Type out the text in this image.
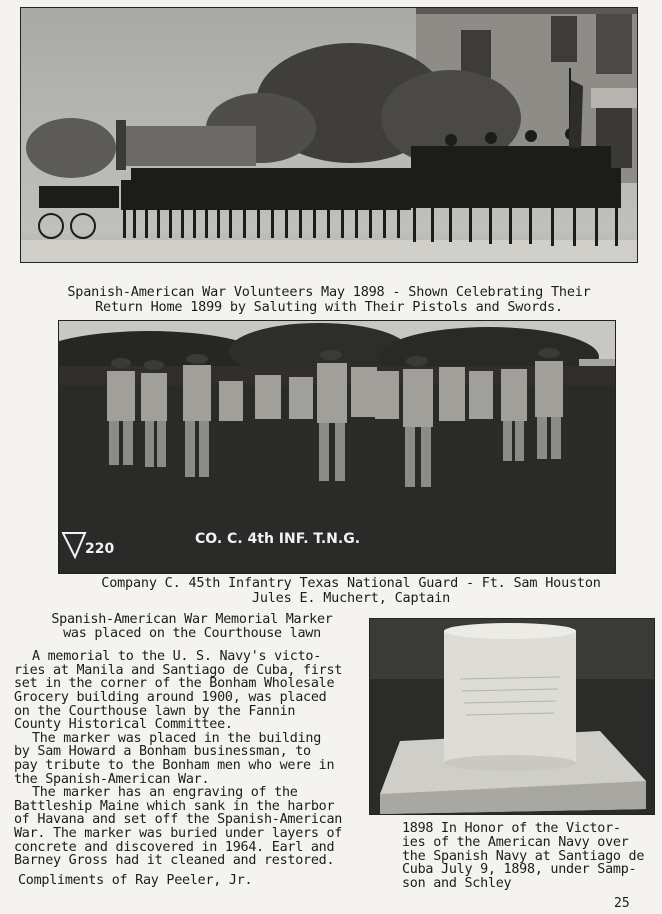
Spanish-American War Volunteers May 1898 - Shown Celebrating Their
Return Home 1899 by Saluting with Their Pistols and Swords.

CO. C. 4th INF. T.N.G.
220

Company C. 45th Infantry Texas National Guard - Ft. Sam Houston
Jules E. Muchert, Captain

Spanish-American War Memorial Marker
was placed on the Courthouse lawn

A memorial to the U. S. Navy's victo-
ries at Manila and Santiago de Cuba, first
set in the corner of the Bonham Wholesale
Grocery building around 1900, was placed
on the Courthouse lawn by the Fannin
County Historical Committee.

The marker was placed in the building
by Sam Howard a Bonham businessman, to
pay tribute to the Bonham men who were in
the Spanish-American War.

The marker has an engraving of the
Battleship Maine which sank in the harbor
of Havana and set off the Spanish-American
War. The marker was buried under layers of
concrete and discovered in 1964. Earl and
Barney Gross had it cleaned and restored.

Compliments of Ray Peeler, Jr.

1898 In Honor of the Victor-
ies of the American Navy over
the Spanish Navy at Santiago de
Cuba July 9, 1898, under Samp-
son and Schley
25
